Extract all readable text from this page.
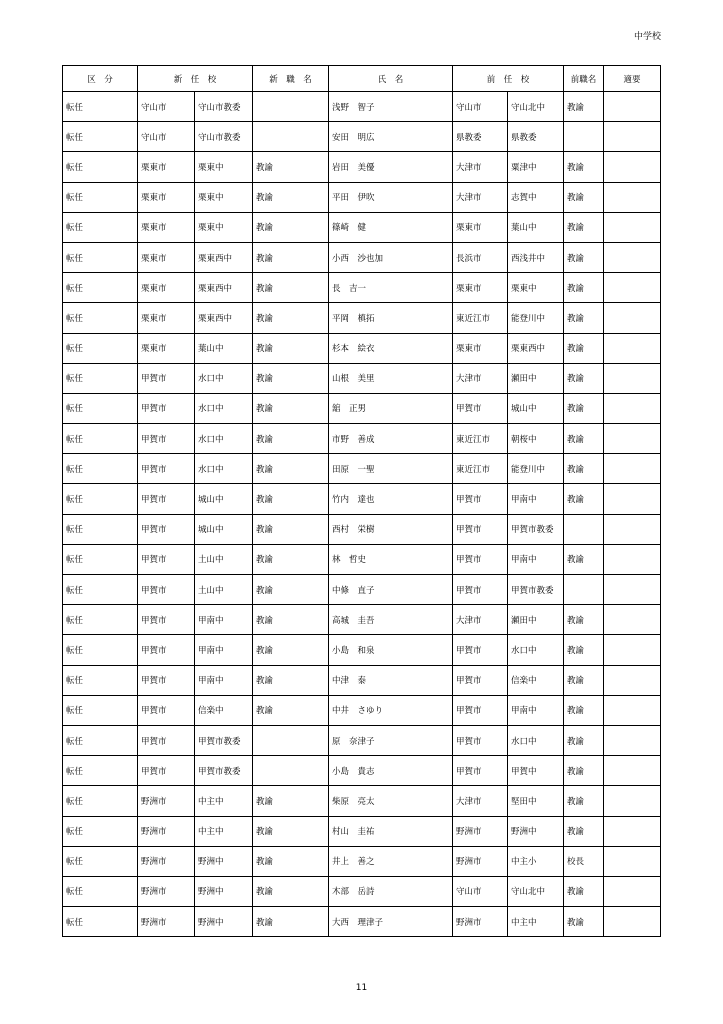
中学校
区　分	新　任　校		新　職　名	氏　名	前　任　校		前職名	適要
転任	守山市	守山市教委		浅野　智子	守山市	守山北中	教諭	
転任	守山市	守山市教委		安田　明広	県教委	県教委		
転任	栗東市	栗東中	教諭	岩田　美優	大津市	粟津中	教諭	
転任	栗東市	栗東中	教諭	平田　伊吹	大津市	志賀中	教諭	
転任	栗東市	栗東中	教諭	篠崎　健	栗東市	葉山中	教諭	
転任	栗東市	栗東西中	教諭	小西　沙也加	長浜市	西浅井中	教諭	
転任	栗東市	栗東西中	教諭	長　吉一	栗東市	栗東中	教諭	
転任	栗東市	栗東西中	教諭	平岡　槙拓	東近江市	能登川中	教諭	
転任	栗東市	葉山中	教諭	杉本　絵衣	栗東市	栗東西中	教諭	
転任	甲賀市	水口中	教諭	山根　美里	大津市	瀬田中	教諭	
転任	甲賀市	水口中	教諭	舘　正男	甲賀市	城山中	教諭	
転任	甲賀市	水口中	教諭	市野　善成	東近江市	朝桜中	教諭	
転任	甲賀市	水口中	教諭	田原　一聖	東近江市	能登川中	教諭	
転任	甲賀市	城山中	教諭	竹内　達也	甲賀市	甲南中	教諭	
転任	甲賀市	城山中	教諭	西村　栄樹	甲賀市	甲賀市教委		
転任	甲賀市	土山中	教諭	林　哲史	甲賀市	甲南中	教諭	
転任	甲賀市	土山中	教諭	中條　直子	甲賀市	甲賀市教委		
転任	甲賀市	甲南中	教諭	高城　圭吾	大津市	瀬田中	教諭	
転任	甲賀市	甲南中	教諭	小島　和泉	甲賀市	水口中	教諭	
転任	甲賀市	甲南中	教諭	中津　泰	甲賀市	信楽中	教諭	
転任	甲賀市	信楽中	教諭	中井　さゆり	甲賀市	甲南中	教諭	
転任	甲賀市	甲賀市教委		原　奈津子	甲賀市	水口中	教諭	
転任	甲賀市	甲賀市教委		小島　貴志	甲賀市	甲賀中	教諭	
転任	野洲市	中主中	教諭	柴原　亮太	大津市	堅田中	教諭	
転任	野洲市	中主中	教諭	村山　圭祐	野洲市	野洲中	教諭	
転任	野洲市	野洲中	教諭	井上　善之	野洲市	中主小	校長	
転任	野洲市	野洲中	教諭	木部　岳詩	守山市	守山北中	教諭	
転任	野洲市	野洲中	教諭	大西　理津子	野洲市	中主中	教諭	
11
